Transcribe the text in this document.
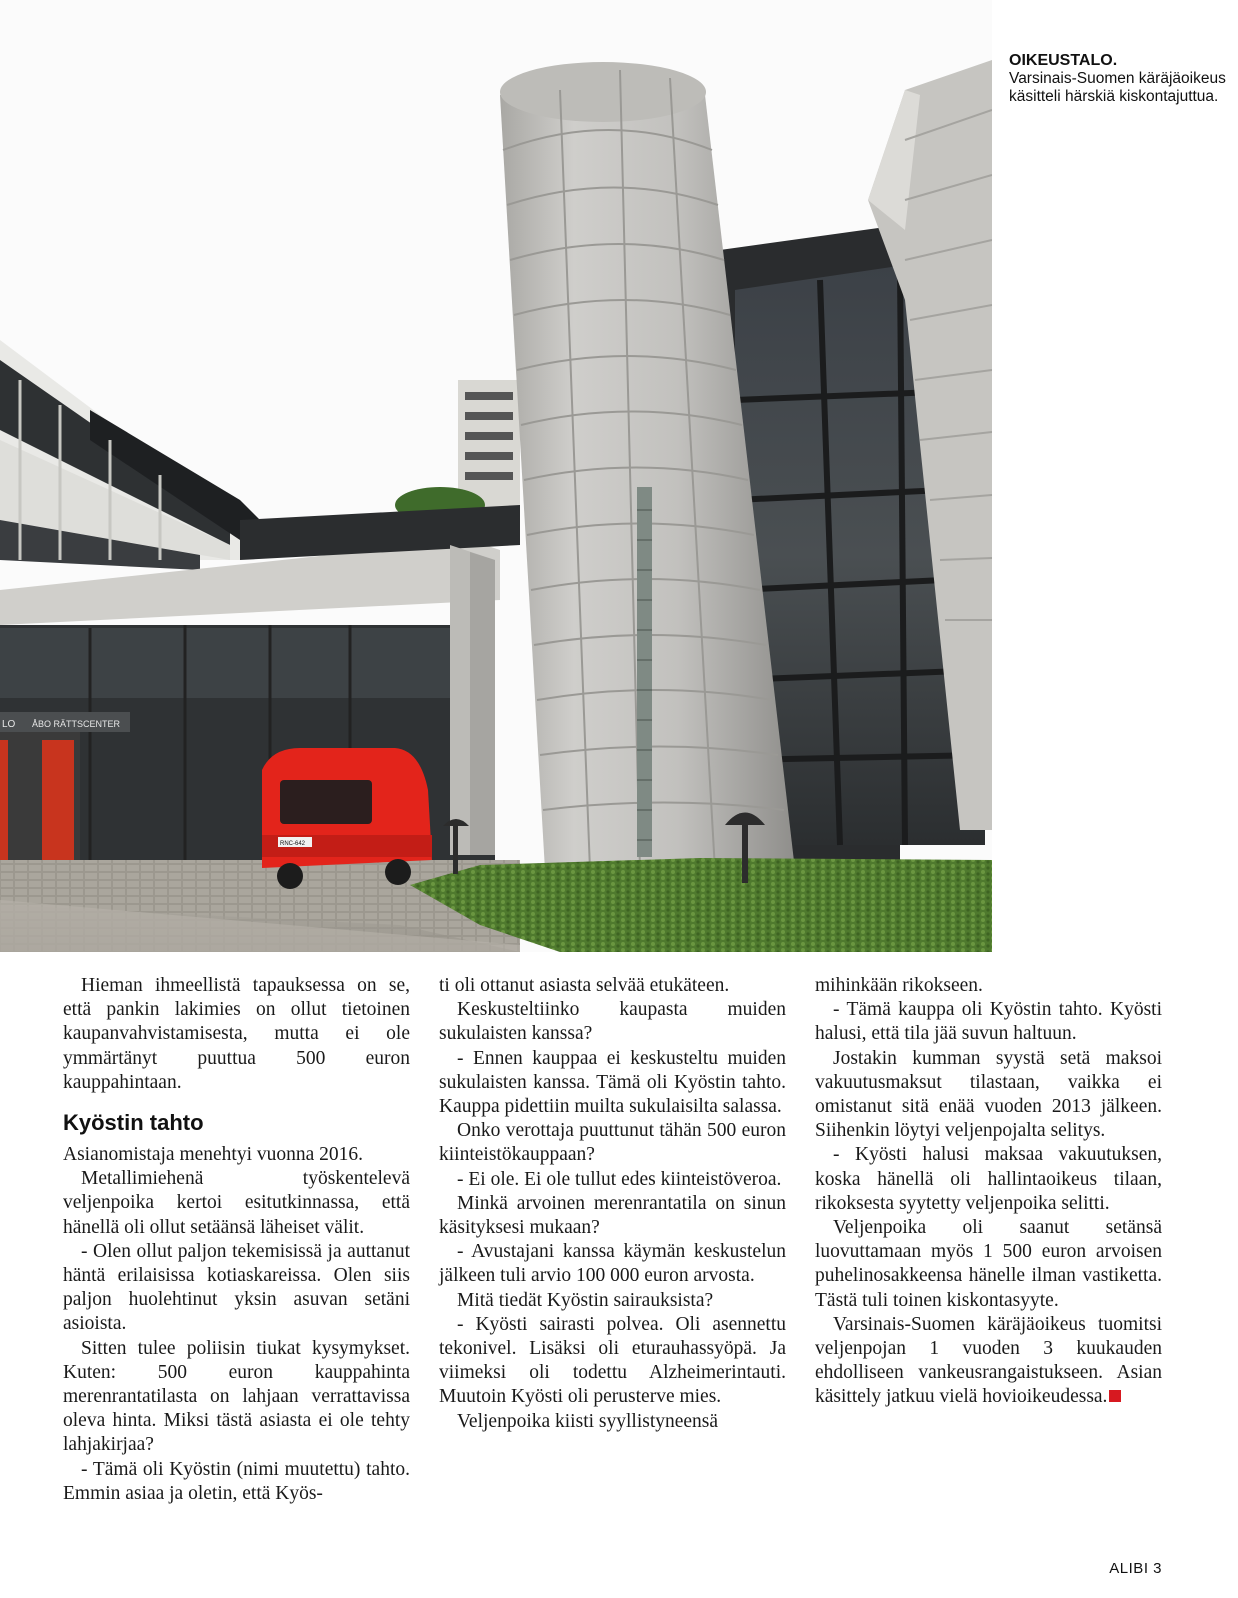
LO ÅBO RÄTTSCENTER
RNC-642
OIKEUSTALO.
Varsinais-Suomen käräjäoikeus käsitteli härskiä kiskontajuttua.

Hieman ihmeellistä tapauksessa on se, että pankin lakimies on ollut tietoinen kaupanvahvistamisesta, mutta ei ole ymmärtänyt puuttua 500 euron kauppahintaan.

Kyöstin tahto

Asianomistaja menehtyi vuonna 2016.

Metallimiehenä työskentelevä veljenpoika kertoi esitutkinnassa, että hänellä oli ollut setäänsä läheiset välit.

- Olen ollut paljon tekemisissä ja auttanut häntä erilaisissa kotiaskareissa. Olen siis paljon huolehtinut yksin asuvan setäni asioista.

Sitten tulee poliisin tiukat kysymykset. Kuten: 500 euron kauppahinta merenrantatilasta on lahjaan verrattavissa oleva hinta. Miksi tästä asiasta ei ole tehty lahjakirjaa?

- Tämä oli Kyöstin (nimi muutettu) tahto. Emmin asiaa ja oletin, että Kyös-

ti oli ottanut asiasta selvää etukäteen.

Keskusteltiinko kaupasta muiden sukulaisten kanssa?

- Ennen kauppaa ei keskusteltu muiden sukulaisten kanssa. Tämä oli Kyöstin tahto. Kauppa pidettiin muilta sukulaisilta salassa.

Onko verottaja puuttunut tähän 500 euron kiinteistökauppaan?

- Ei ole. Ei ole tullut edes kiinteistöveroa.

Minkä arvoinen merenrantatila on sinun käsityksesi mukaan?

- Avustajani kanssa käymän keskustelun jälkeen tuli arvio 100 000 euron arvosta.

Mitä tiedät Kyöstin sairauksista?

- Kyösti sairasti polvea. Oli asennettu tekonivel. Lisäksi oli eturauhassyöpä. Ja viimeksi oli todettu Alzheimerintauti. Muutoin Kyösti oli perusterve mies.

Veljenpoika kiisti syyllistyneensä

mihinkään rikokseen.

- Tämä kauppa oli Kyöstin tahto. Kyösti halusi, että tila jää suvun haltuun.

Jostakin kumman syystä setä maksoi vakuutusmaksut tilastaan, vaikka ei omistanut sitä enää vuoden 2013 jälkeen. Siihenkin löytyi veljenpojalta selitys.

- Kyösti halusi maksaa vakuutuksen, koska hänellä oli hallintaoikeus tilaan, rikoksesta syytetty veljenpoika selitti.

Veljenpoika oli saanut setänsä luovuttamaan myös 1 500 euron arvoisen puhelinosakkeensa hänelle ilman vastiketta. Tästä tuli toinen kiskontasyyte.

Varsinais-Suomen käräjäoikeus tuomitsi veljenpojan 1 vuoden 3 kuukauden ehdolliseen vankeusrangaistukseen. Asian käsittely jatkuu vielä hovioikeudessa.

ALIBI 3
